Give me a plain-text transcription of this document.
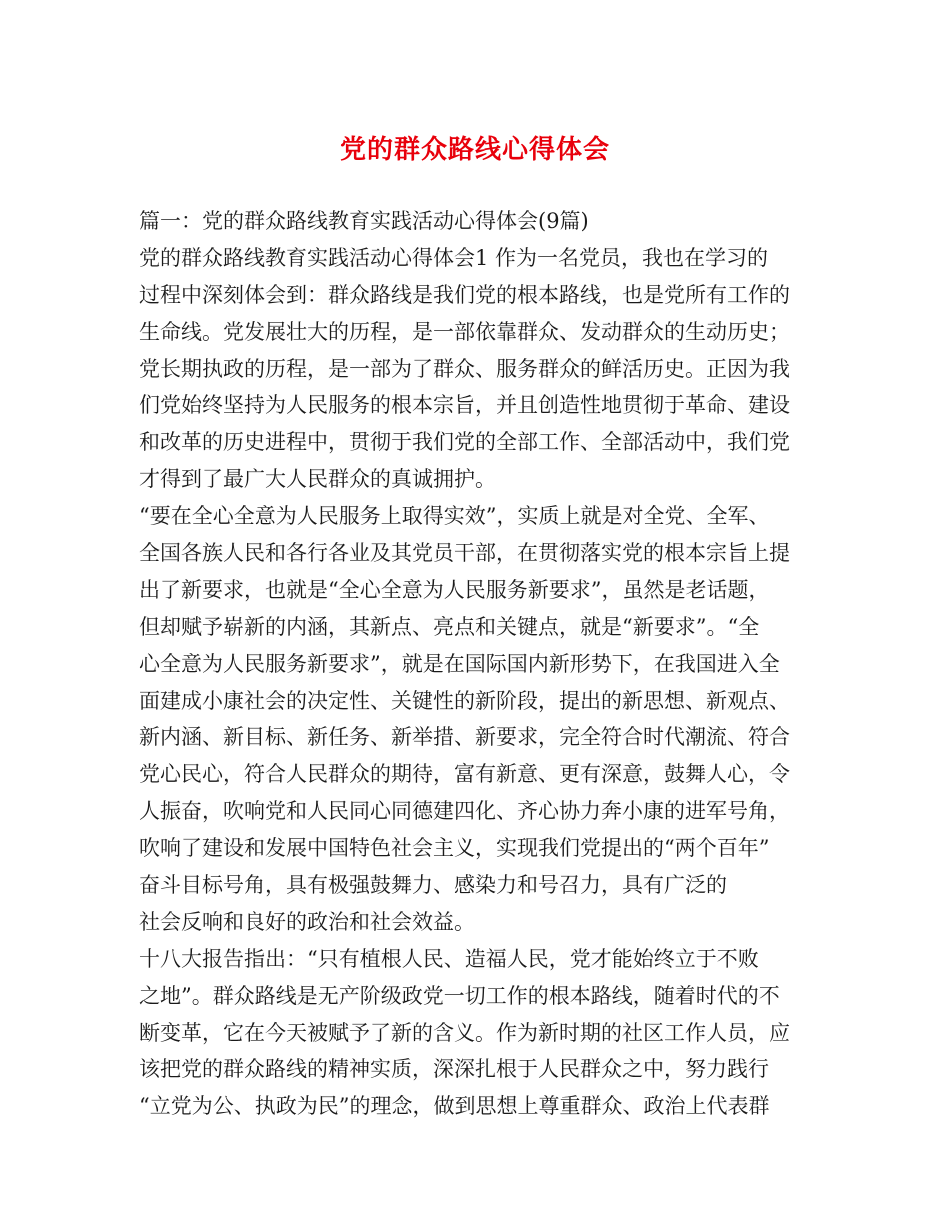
党的群众路线心得体会
篇一：党的群众路线教育实践活动心得体会(9篇)
党的群众路线教育实践活动心得体会1 作为一名党员，我也在学习的
过程中深刻体会到：群众路线是我们党的根本路线，也是党所有工作的
生命线。党发展壮大的历程，是一部依靠群众、发动群众的生动历史；
党长期执政的历程，是一部为了群众、服务群众的鲜活历史。正因为我
们党始终坚持为人民服务的根本宗旨，并且创造性地贯彻于革命、建设
和改革的历史进程中，贯彻于我们党的全部工作、全部活动中，我们党
才得到了最广大人民群众的真诚拥护。
“要在全心全意为人民服务上取得实效”，实质上就是对全党、全军、
全国各族人民和各行各业及其党员干部，在贯彻落实党的根本宗旨上提
出了新要求，也就是“全心全意为人民服务新要求”，虽然是老话题，
但却赋予崭新的内涵，其新点、亮点和关键点，就是“新要求”。“全
心全意为人民服务新要求”，就是在国际国内新形势下，在我国进入全
面建成小康社会的决定性、关键性的新阶段，提出的新思想、新观点、
新内涵、新目标、新任务、新举措、新要求，完全符合时代潮流、符合
党心民心，符合人民群众的期待，富有新意、更有深意，鼓舞人心，令
人振奋，吹响党和人民同心同德建四化、齐心协力奔小康的进军号角，
吹响了建设和发展中国特色社会主义，实现我们党提出的“两个百年”
奋斗目标号角，具有极强鼓舞力、感染力和号召力，具有广泛的
社会反响和良好的政治和社会效益。
十八大报告指出：“只有植根人民、造福人民，党才能始终立于不败
之地”。群众路线是无产阶级政党一切工作的根本路线，随着时代的不
断变革，它在今天被赋予了新的含义。作为新时期的社区工作人员，应
该把党的群众路线的精神实质，深深扎根于人民群众之中，努力践行
“立党为公、执政为民”的理念，做到思想上尊重群众、政治上代表群
